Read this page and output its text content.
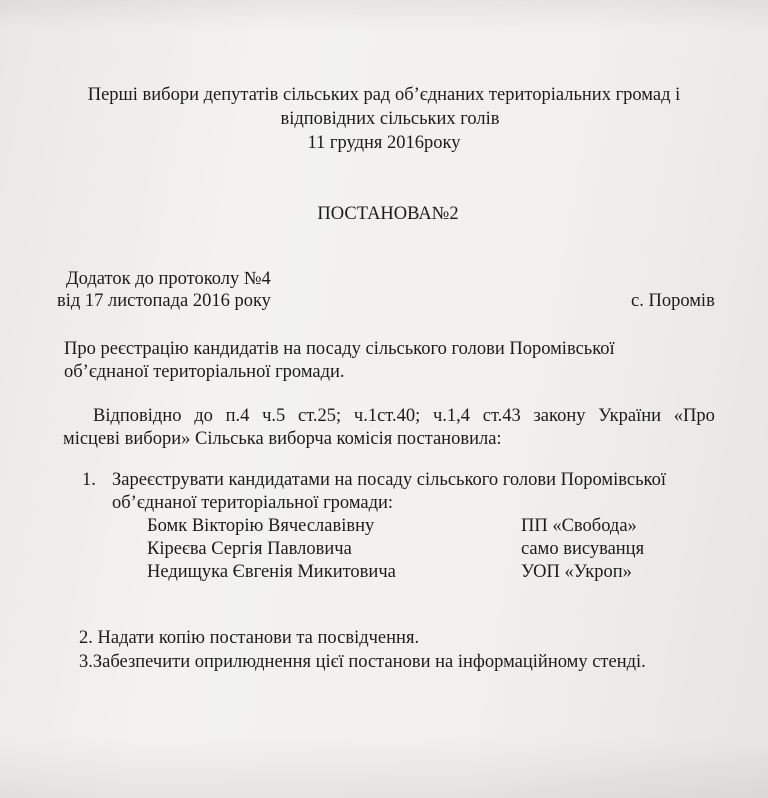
Перші вибори депутатів сільських рад об’єднаних територіальних громад і

відповідних сільських голів

11 грудня 2016року

ПОСТАНОВА№2

Додаток до протоколу №4

від 17 листопада 2016 року	с. Поромів

Про реєстрацію кандидатів на посаду сільського голови Поромівської

об’єднаної територіальної громади.

Відповідно до п.4 ч.5 ст.25; ч.1ст.40; ч.1,4 ст.43 закону України «Про

місцеві вибори» Сільська виборча комісія постановила:

1. Зареєструвати кандидатами на посаду сільського голови Поромівської

об’єднаної територіальної громади:

Бомк Вікторію Вячеславівну	ПП «Свобода»

Кіреєва Сергія Павловича	само висуванця

Недищука Євгенія Микитовича	УОП «Укроп»

2. Надати копію постанови та посвідчення.

3.Забезпечити оприлюднення цієї постанови на інформаційному стенді.
